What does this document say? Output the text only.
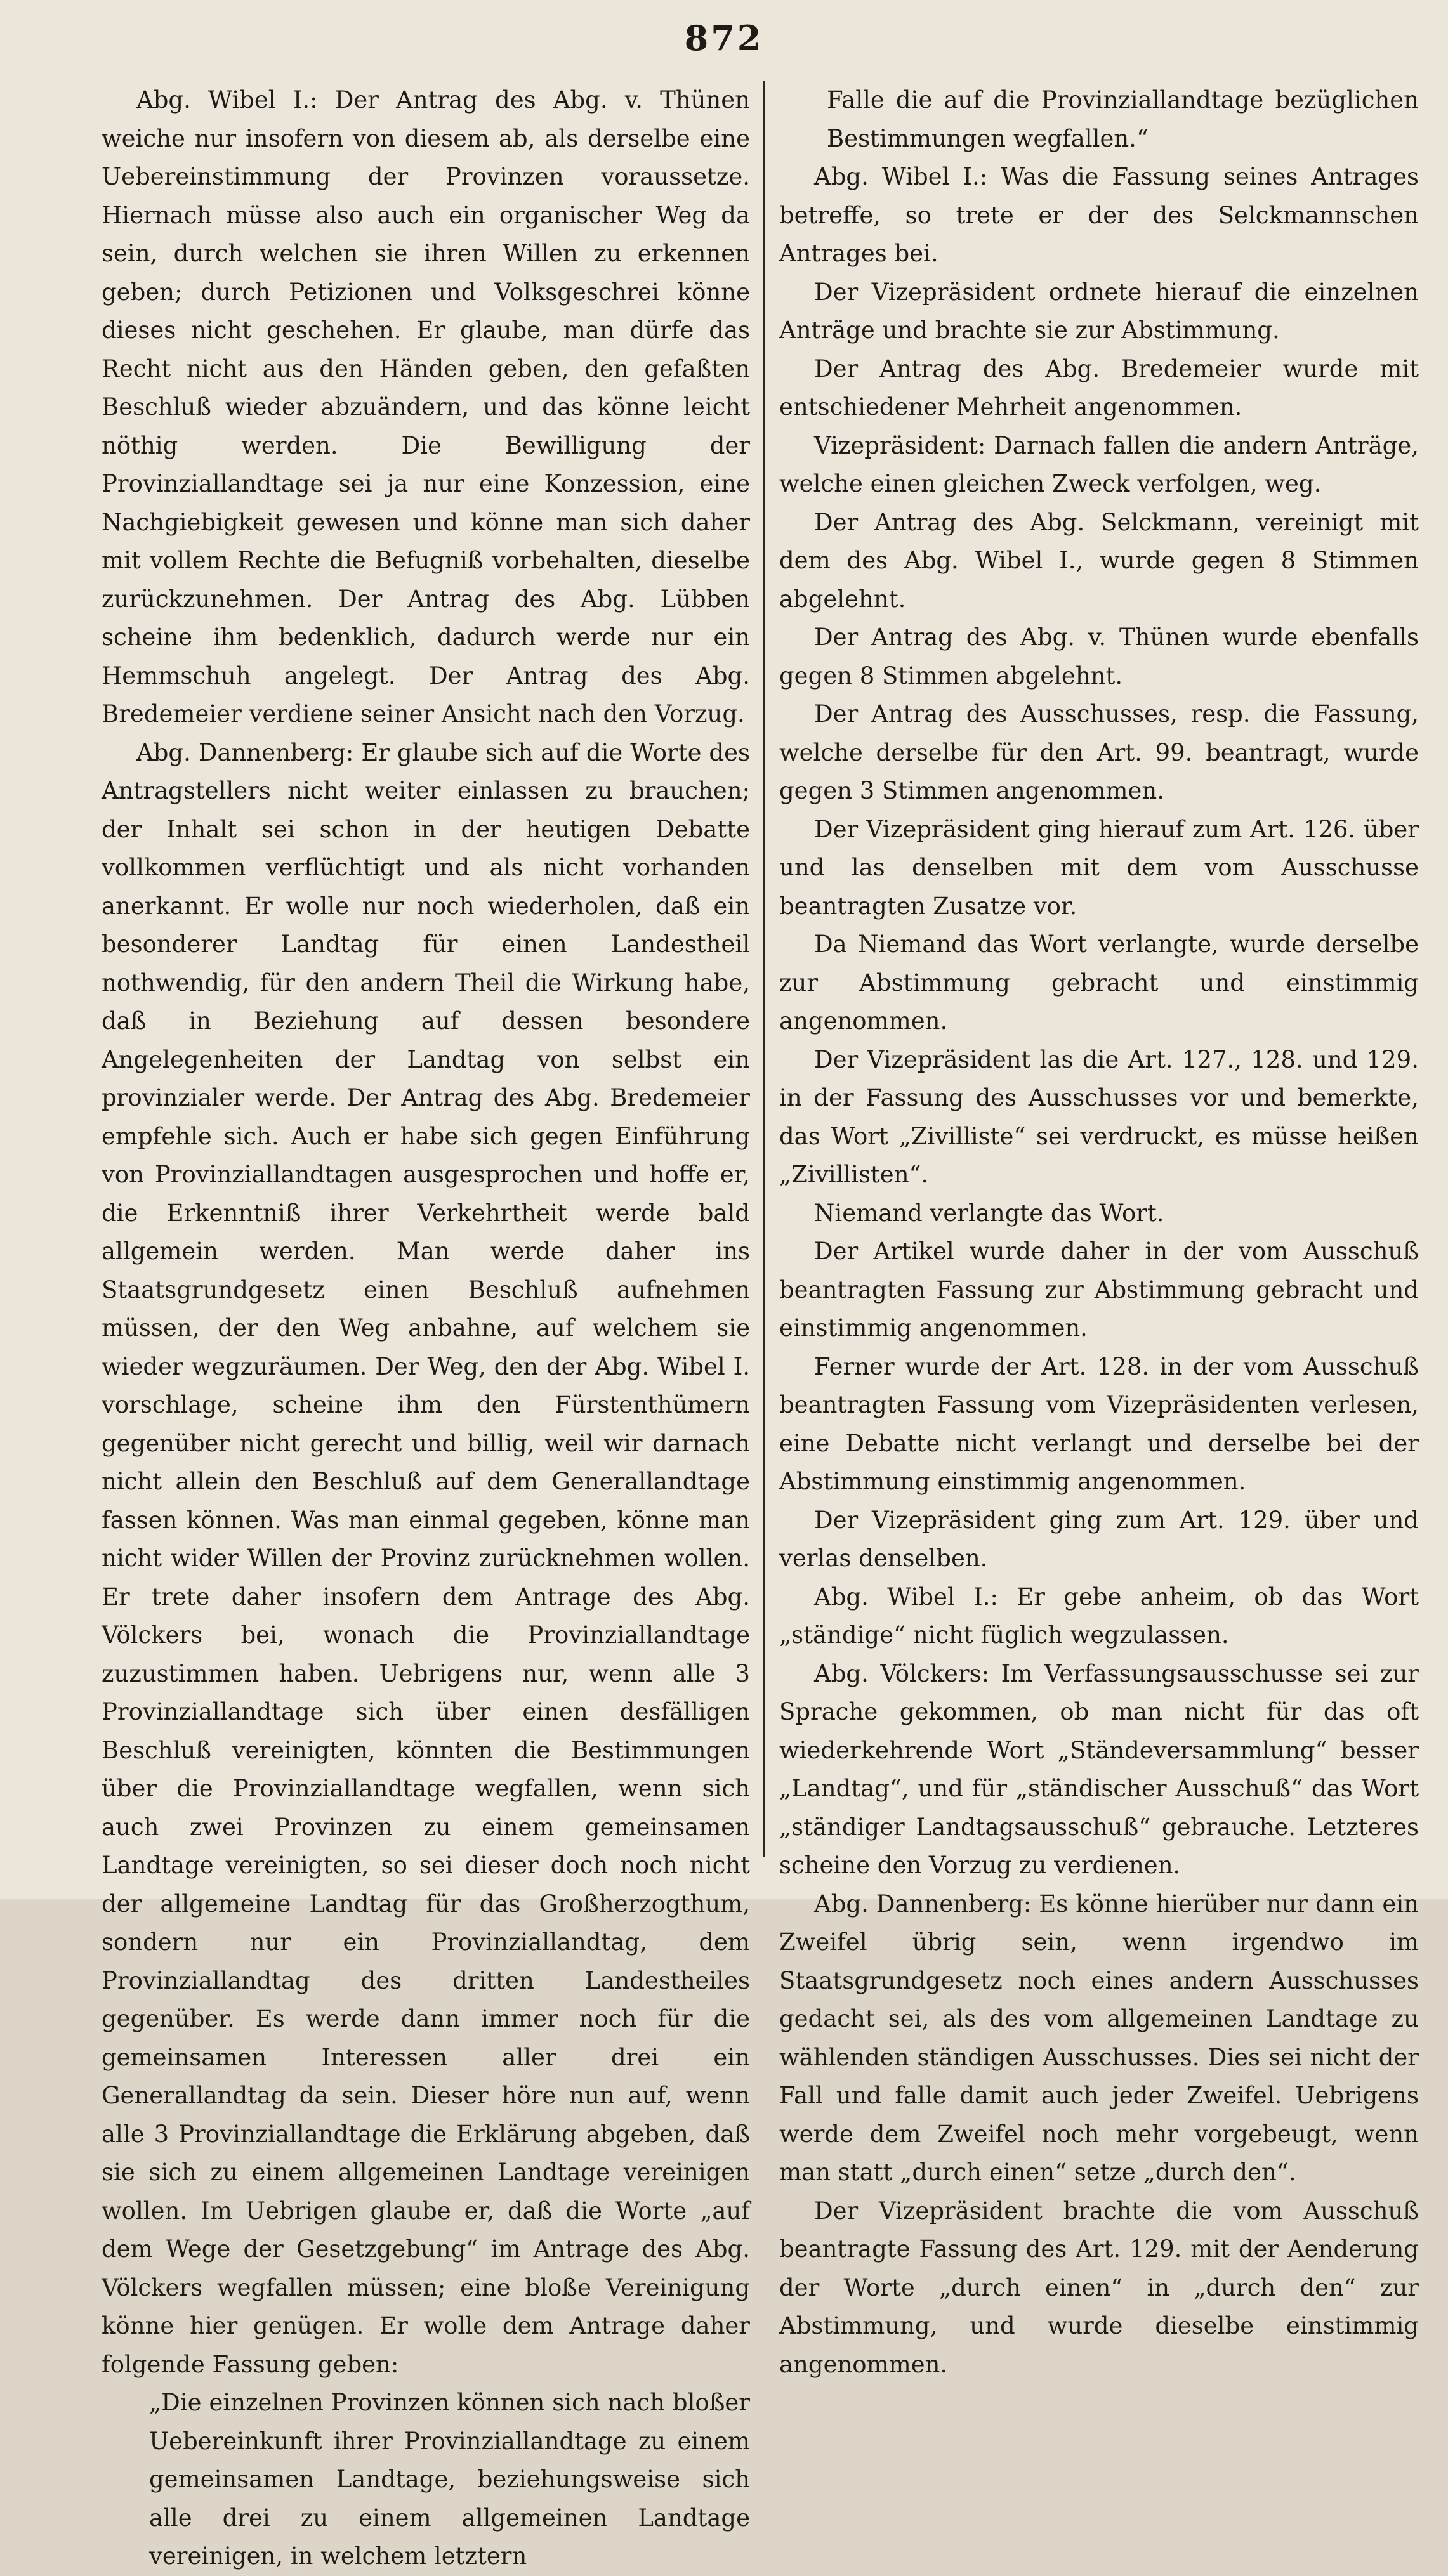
872

Abg. Wibel I.: Der Antrag des Abg. v. Thünen weiche nur insofern von diesem ab, als derselbe eine Uebereinstimmung der Provinzen voraussetze. Hiernach müsse also auch ein organischer Weg da sein, durch welchen sie ihren Willen zu erkennen geben; durch Petizionen und Volksgeschrei könne dieses nicht geschehen. Er glaube, man dürfe das Recht nicht aus den Händen geben, den gefaßten Beschluß wieder abzuändern, und das könne leicht nöthig werden. Die Bewilligung der Provinziallandtage sei ja nur eine Konzession, eine Nachgiebigkeit gewesen und könne man sich daher mit vollem Rechte die Befugniß vorbehalten, dieselbe zurückzunehmen. Der Antrag des Abg. Lübben scheine ihm bedenklich, dadurch werde nur ein Hemmschuh angelegt. Der Antrag des Abg. Bredemeier verdiene seiner Ansicht nach den Vorzug.

Abg. Dannenberg: Er glaube sich auf die Worte des Antragstellers nicht weiter einlassen zu brauchen; der Inhalt sei schon in der heutigen Debatte vollkommen verflüchtigt und als nicht vorhanden anerkannt. Er wolle nur noch wiederholen, daß ein besonderer Landtag für einen Landestheil nothwendig, für den andern Theil die Wirkung habe, daß in Beziehung auf dessen besondere Angelegenheiten der Landtag von selbst ein provinzialer werde. Der Antrag des Abg. Bredemeier empfehle sich. Auch er habe sich gegen Einführung von Provinziallandtagen ausgesprochen und hoffe er, die Erkenntniß ihrer Verkehrtheit werde bald allgemein werden. Man werde daher ins Staatsgrundgesetz einen Beschluß aufnehmen müssen, der den Weg anbahne, auf welchem sie wieder wegzuräumen. Der Weg, den der Abg. Wibel I. vorschlage, scheine ihm den Fürstenthümern gegenüber nicht gerecht und billig, weil wir darnach nicht allein den Beschluß auf dem Generallandtage fassen können. Was man einmal gegeben, könne man nicht wider Willen der Provinz zurücknehmen wollen. Er trete daher insofern dem Antrage des Abg. Völckers bei, wonach die Provinziallandtage zuzustimmen haben. Uebrigens nur, wenn alle 3 Provinziallandtage sich über einen desfälligen Beschluß vereinigten, könnten die Bestimmungen über die Provinziallandtage wegfallen, wenn sich auch zwei Provinzen zu einem gemeinsamen Landtage vereinigten, so sei dieser doch noch nicht der allgemeine Landtag für das Großherzogthum, sondern nur ein Provinziallandtag, dem Provinziallandtag des dritten Landestheiles gegenüber. Es werde dann immer noch für die gemeinsamen Interessen aller drei ein Generallandtag da sein. Dieser höre nun auf, wenn alle 3 Provinziallandtage die Erklärung abgeben, daß sie sich zu einem allgemeinen Landtage vereinigen wollen. Im Uebrigen glaube er, daß die Worte „auf dem Wege der Gesetzgebung“ im Antrage des Abg. Völckers wegfallen müssen; eine bloße Vereinigung könne hier genügen. Er wolle dem Antrage daher folgende Fassung geben:

„Die einzelnen Provinzen können sich nach bloßer Uebereinkunft ihrer Provinziallandtage zu einem gemeinsamen Landtage, beziehungsweise sich alle drei zu einem allgemeinen Landtage vereinigen, in welchem letztern

Falle die auf die Provinziallandtage bezüglichen Bestimmungen wegfallen.“

Abg. Wibel I.: Was die Fassung seines Antrages betreffe, so trete er der des Selckmannschen Antrages bei.

Der Vizepräsident ordnete hierauf die einzelnen Anträge und brachte sie zur Abstimmung.

Der Antrag des Abg. Bredemeier wurde mit entschiedener Mehrheit angenommen.

Vizepräsident: Darnach fallen die andern Anträge, welche einen gleichen Zweck verfolgen, weg.

Der Antrag des Abg. Selckmann, vereinigt mit dem des Abg. Wibel I., wurde gegen 8 Stimmen abgelehnt.

Der Antrag des Abg. v. Thünen wurde ebenfalls gegen 8 Stimmen abgelehnt.

Der Antrag des Ausschusses, resp. die Fassung, welche derselbe für den Art. 99. beantragt, wurde gegen 3 Stimmen angenommen.

Der Vizepräsident ging hierauf zum Art. 126. über und las denselben mit dem vom Ausschusse beantragten Zusatze vor.

Da Niemand das Wort verlangte, wurde derselbe zur Abstimmung gebracht und einstimmig angenommen.

Der Vizepräsident las die Art. 127., 128. und 129. in der Fassung des Ausschusses vor und bemerkte, das Wort „Zivilliste“ sei verdruckt, es müsse heißen „Zivillisten“.

Niemand verlangte das Wort.

Der Artikel wurde daher in der vom Ausschuß beantragten Fassung zur Abstimmung gebracht und einstimmig angenommen.

Ferner wurde der Art. 128. in der vom Ausschuß beantragten Fassung vom Vizepräsidenten verlesen, eine Debatte nicht verlangt und derselbe bei der Abstimmung einstimmig angenommen.

Der Vizepräsident ging zum Art. 129. über und verlas denselben.

Abg. Wibel I.: Er gebe anheim, ob das Wort „ständige“ nicht füglich wegzulassen.

Abg. Völckers: Im Verfassungsausschusse sei zur Sprache gekommen, ob man nicht für das oft wiederkehrende Wort „Ständeversammlung“ besser „Landtag“, und für „ständischer Ausschuß“ das Wort „ständiger Landtagsausschuß“ gebrauche. Letzteres scheine den Vorzug zu verdienen.

Abg. Dannenberg: Es könne hierüber nur dann ein Zweifel übrig sein, wenn irgendwo im Staatsgrundgesetz noch eines andern Ausschusses gedacht sei, als des vom allgemeinen Landtage zu wählenden ständigen Ausschusses. Dies sei nicht der Fall und falle damit auch jeder Zweifel. Uebrigens werde dem Zweifel noch mehr vorgebeugt, wenn man statt „durch einen“ setze „durch den“.

Der Vizepräsident brachte die vom Ausschuß beantragte Fassung des Art. 129. mit der Aenderung der Worte „durch einen“ in „durch den“ zur Abstimmung, und wurde dieselbe einstimmig angenommen.
